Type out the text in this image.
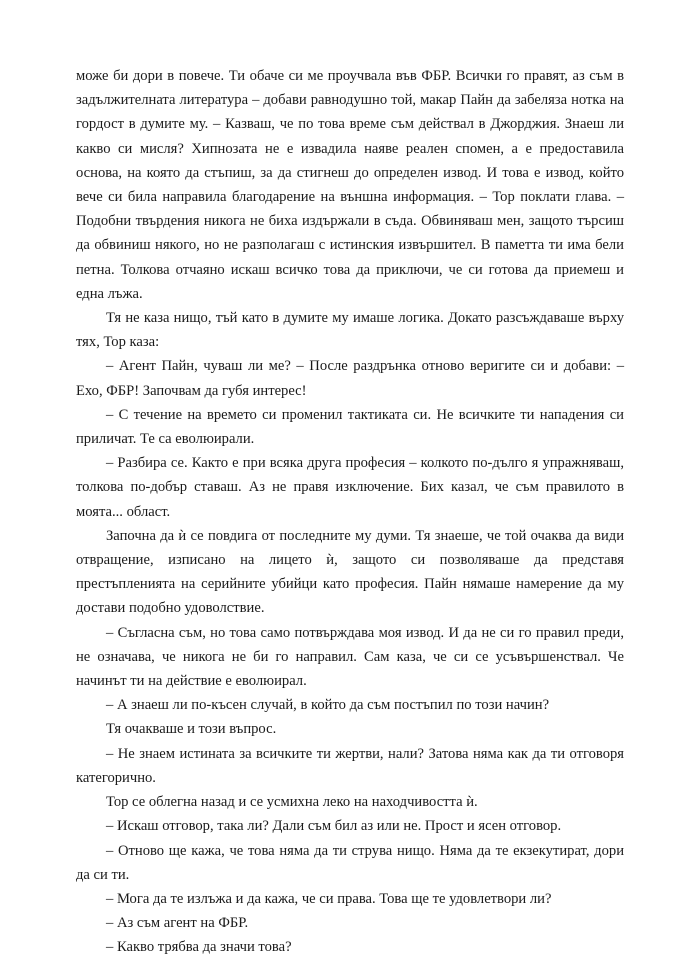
може би дори в повече. Ти обаче си ме проучвала във ФБР. Всички го правят, аз съм в задължителната литература – добави равнодушно той, макар Пайн да забеляза нотка на гордост в думите му. – Казваш, че по това време съм действал в Джорджия. Знаеш ли какво си мисля? Хипнозата не е извадила наяве реален спомен, а е предоставила основа, на която да стъпиш, за да стигнеш до определен извод. И това е извод, който вече си била направила благодарение на външна информация. – Тор поклати глава. – Подобни твърдения никога не биха издържали в съда. Обвиняваш мен, защото търсиш да обвиниш някого, но не разполагаш с истинския извършител. В паметта ти има бели петна. Толкова отчаяно искаш всичко това да приключи, че си готова да приемеш и една лъжа.

Тя не каза нищо, тъй като в думите му имаше логика. Докато разсъждаваше върху тях, Тор каза:

– Агент Пайн, чуваш ли ме? – После раздрънка отново веригите си и добави: – Ехо, ФБР! Започвам да губя интерес!

– С течение на времето си променил тактиката си. Не всичките ти нападения си приличат. Те са еволюирали.

– Разбира се. Както е при всяка друга професия – колкото по-дълго я упражняваш, толкова по-добър ставаш. Аз не правя изключение. Бих казал, че съм правилото в моята... област.

Започна да ѝ се повдига от последните му думи. Тя знаеше, че той очаква да види отвращение, изписано на лицето ѝ, защото си позволяваше да представя престъпленията на серийните убийци като професия. Пайн нямаше намерение да му достави подобно удоволствие.

– Съгласна съм, но това само потвърждава моя извод. И да не си го правил преди, не означава, че никога не би го направил. Сам каза, че си се усъвършенствал. Че начинът ти на действие е еволюирал.

– А знаеш ли по-късен случай, в който да съм постъпил по този начин?

Тя очакваше и този въпрос.

– Не знаем истината за всичките ти жертви, нали? Затова няма как да ти отговоря категорично.

Тор се облегна назад и се усмихна леко на находчивостта ѝ.

– Искаш отговор, така ли? Дали съм бил аз или не. Прост и ясен отговор.

– Отново ще кажа, че това няма да ти струва нищо. Няма да те екзекутират, дори да си ти.

– Мога да те излъжа и да кажа, че си права. Това ще те удовлетвори ли?

– Аз съм агент на ФБР.

– Какво трябва да значи това?
